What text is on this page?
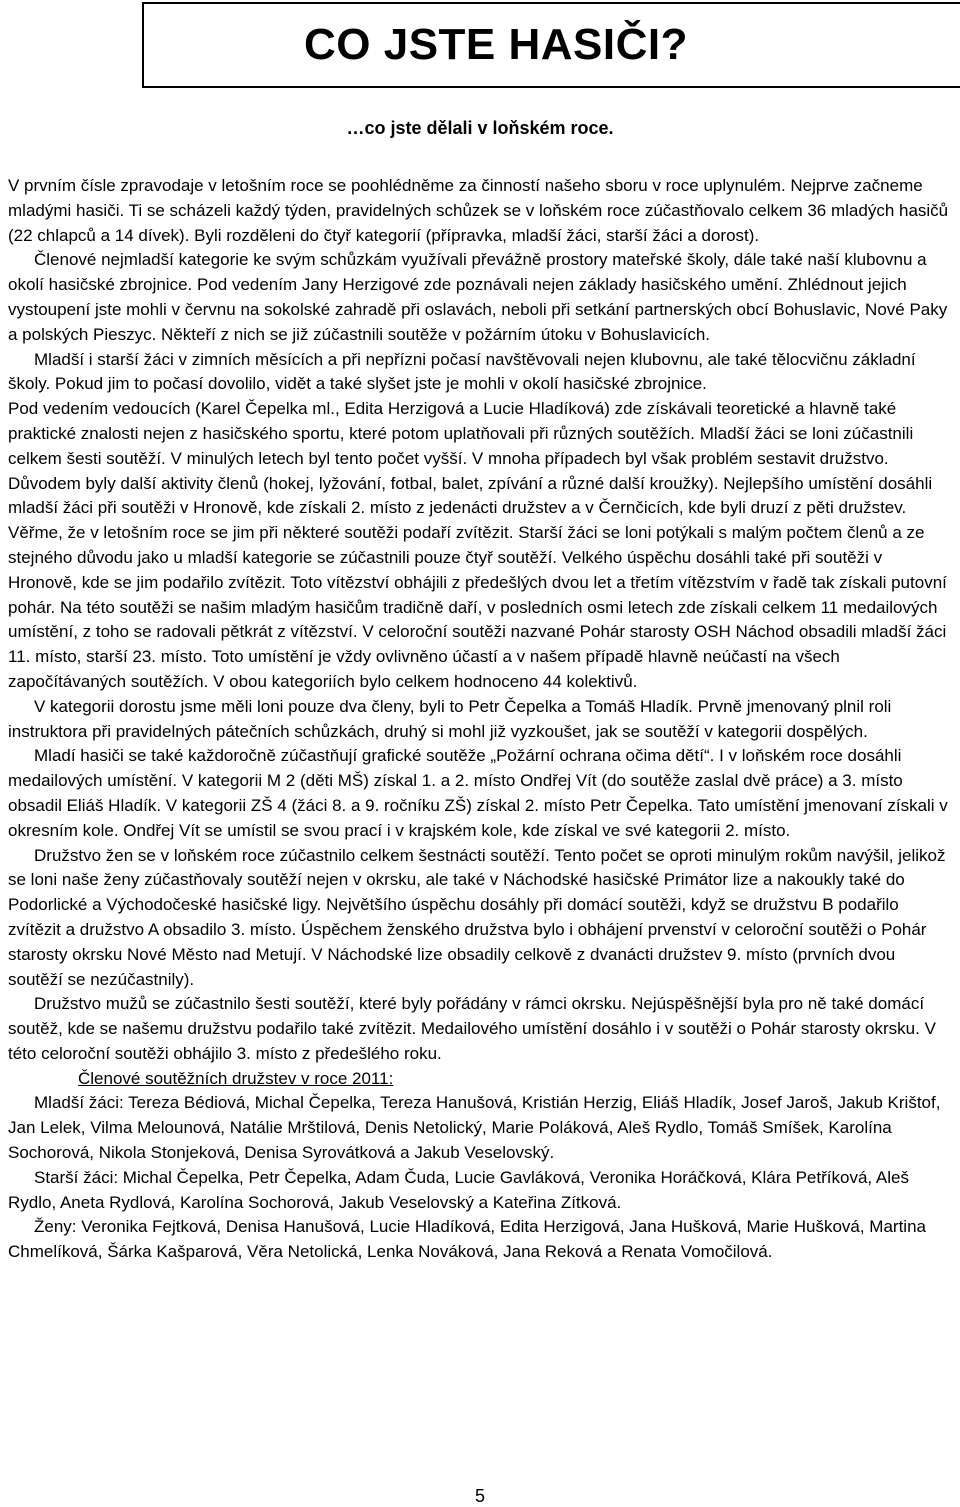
CO JSTE HASIČI?
…co jste dělali v loňském roce.

V prvním čísle zpravodaje v letošním roce se poohlédněme za činností našeho sboru v roce uplynulém. Nejprve začneme mladými hasiči. Ti se scházeli každý týden, pravidelných schůzek se v loňském roce zúčastňovalo celkem 36 mladých hasičů (22 chlapců a 14 dívek). Byli rozděleni do čtyř kategorií (přípravka, mladší žáci, starší žáci a dorost).

Členové nejmladší kategorie ke svým schůzkám využívali převážně prostory mateřské školy, dále také naší klubovnu a okolí hasičské zbrojnice. Pod vedením Jany Herzigové zde poznávali nejen základy hasičského umění. Zhlédnout jejich vystoupení jste mohli v červnu na sokolské zahradě při oslavách, neboli při setkání partnerských obcí Bohuslavic, Nové Paky a polských Pieszyc. Někteří z nich se již zúčastnili soutěže v požárním útoku v Bohuslavicích.

Mladší i starší žáci v zimních měsících a při nepřízni počasí navštěvovali nejen klubovnu, ale také tělocvičnu základní školy. Pokud jim to počasí dovolilo, vidět a také slyšet jste je mohli v okolí hasičské zbrojnice.

Pod vedením vedoucích (Karel Čepelka ml., Edita Herzigová a Lucie Hladíková) zde získávali teoretické a hlavně také praktické znalosti nejen z hasičského sportu, které potom uplatňovali při různých soutěžích. Mladší žáci se loni zúčastnili celkem šesti soutěží. V minulých letech byl tento počet vyšší. V mnoha případech byl však problém sestavit družstvo. Důvodem byly další aktivity členů (hokej, lyžování, fotbal, balet, zpívání a různé další kroužky). Nejlepšího umístění dosáhli mladší žáci při soutěži v Hronově, kde získali 2. místo z jedenácti družstev a v Černčicích, kde byli druzí z pěti družstev. Věřme, že v letošním roce se jim při některé soutěži podaří zvítězit. Starší žáci se loni potýkali s malým počtem členů a ze stejného důvodu jako u mladší kategorie se zúčastnili pouze čtyř soutěží. Velkého úspěchu dosáhli také při soutěži v Hronově, kde se jim podařilo zvítězit. Toto vítězství obhájili z předešlých dvou let a třetím vítězstvím v řadě tak získali putovní pohár. Na této soutěži se našim mladým hasičům tradičně daří, v posledních osmi letech zde získali celkem 11 medailových umístění, z toho se radovali pětkrát z vítězství. V celoroční soutěži nazvané Pohár starosty OSH Náchod obsadili mladší žáci 11. místo, starší 23. místo. Toto umístění je vždy ovlivněno účastí a v našem případě hlavně neúčastí na všech započítávaných soutěžích. V obou kategoriích bylo celkem hodnoceno 44 kolektivů.

V kategorii dorostu jsme měli loni pouze dva členy, byli to Petr Čepelka a Tomáš Hladík. Prvně jmenovaný plnil roli instruktora při pravidelných pátečních schůzkách, druhý si mohl již vyzkoušet, jak se soutěží v kategorii dospělých.

Mladí hasiči se také každoročně zúčastňují grafické soutěže „Požární ochrana očima dětí“. I v loňském roce dosáhli medailových umístění. V kategorii M 2 (děti MŠ) získal 1. a 2. místo Ondřej Vít (do soutěže zaslal dvě práce) a 3. místo obsadil Eliáš Hladík. V kategorii ZŠ 4 (žáci 8. a 9. ročníku ZŠ) získal 2. místo Petr Čepelka. Tato umístění jmenovaní získali v okresním kole. Ondřej Vít se umístil se svou prací i v krajském kole, kde získal ve své kategorii 2. místo.

Družstvo žen se v loňském roce zúčastnilo celkem šestnácti soutěží. Tento počet se oproti minulým rokům navýšil, jelikož se loni naše ženy zúčastňovaly soutěží nejen v okrsku, ale také v Náchodské hasičské Primátor lize a nakoukly také do Podorlické a Východočeské hasičské ligy. Největšího úspěchu dosáhly při domácí soutěži, když se družstvu B podařilo zvítězit a družstvo A obsadilo 3. místo. Úspěchem ženského družstva bylo i obhájení prvenství v celoroční soutěži o Pohár starosty okrsku Nové Město nad Metují. V Náchodské lize obsadily celkově z dvanácti družstev 9. místo (prvních dvou soutěží se nezúčastnily).

Družstvo mužů se zúčastnilo šesti soutěží, které byly pořádány v rámci okrsku. Nejúspěšnější byla pro ně také domácí soutěž, kde se našemu družstvu podařilo také zvítězit. Medailového umístění dosáhlo i v soutěži o Pohár starosty okrsku. V této celoroční soutěži obhájilo 3. místo z předešlého roku.

Členové soutěžních družstev v roce 2011:

Mladší žáci: Tereza Bédiová, Michal Čepelka, Tereza Hanušová, Kristián Herzig, Eliáš Hladík, Josef Jaroš, Jakub Krištof, Jan Lelek, Vilma Melounová, Natálie Mrštilová, Denis Netolický, Marie Poláková, Aleš Rydlo, Tomáš Smíšek, Karolína Sochorová, Nikola Stonjeková, Denisa Syrovátková a Jakub Veselovský.

Starší žáci: Michal Čepelka, Petr Čepelka, Adam Čuda, Lucie Gavláková, Veronika Horáčková, Klára Petříková, Aleš Rydlo, Aneta Rydlová, Karolína Sochorová, Jakub Veselovský a Kateřina Zítková.

Ženy: Veronika Fejtková, Denisa Hanušová, Lucie Hladíková, Edita Herzigová, Jana Hušková, Marie Hušková, Martina Chmelíková, Šárka Kašparová, Věra Netolická, Lenka Nováková, Jana Reková a Renata Vomočilová.

5
